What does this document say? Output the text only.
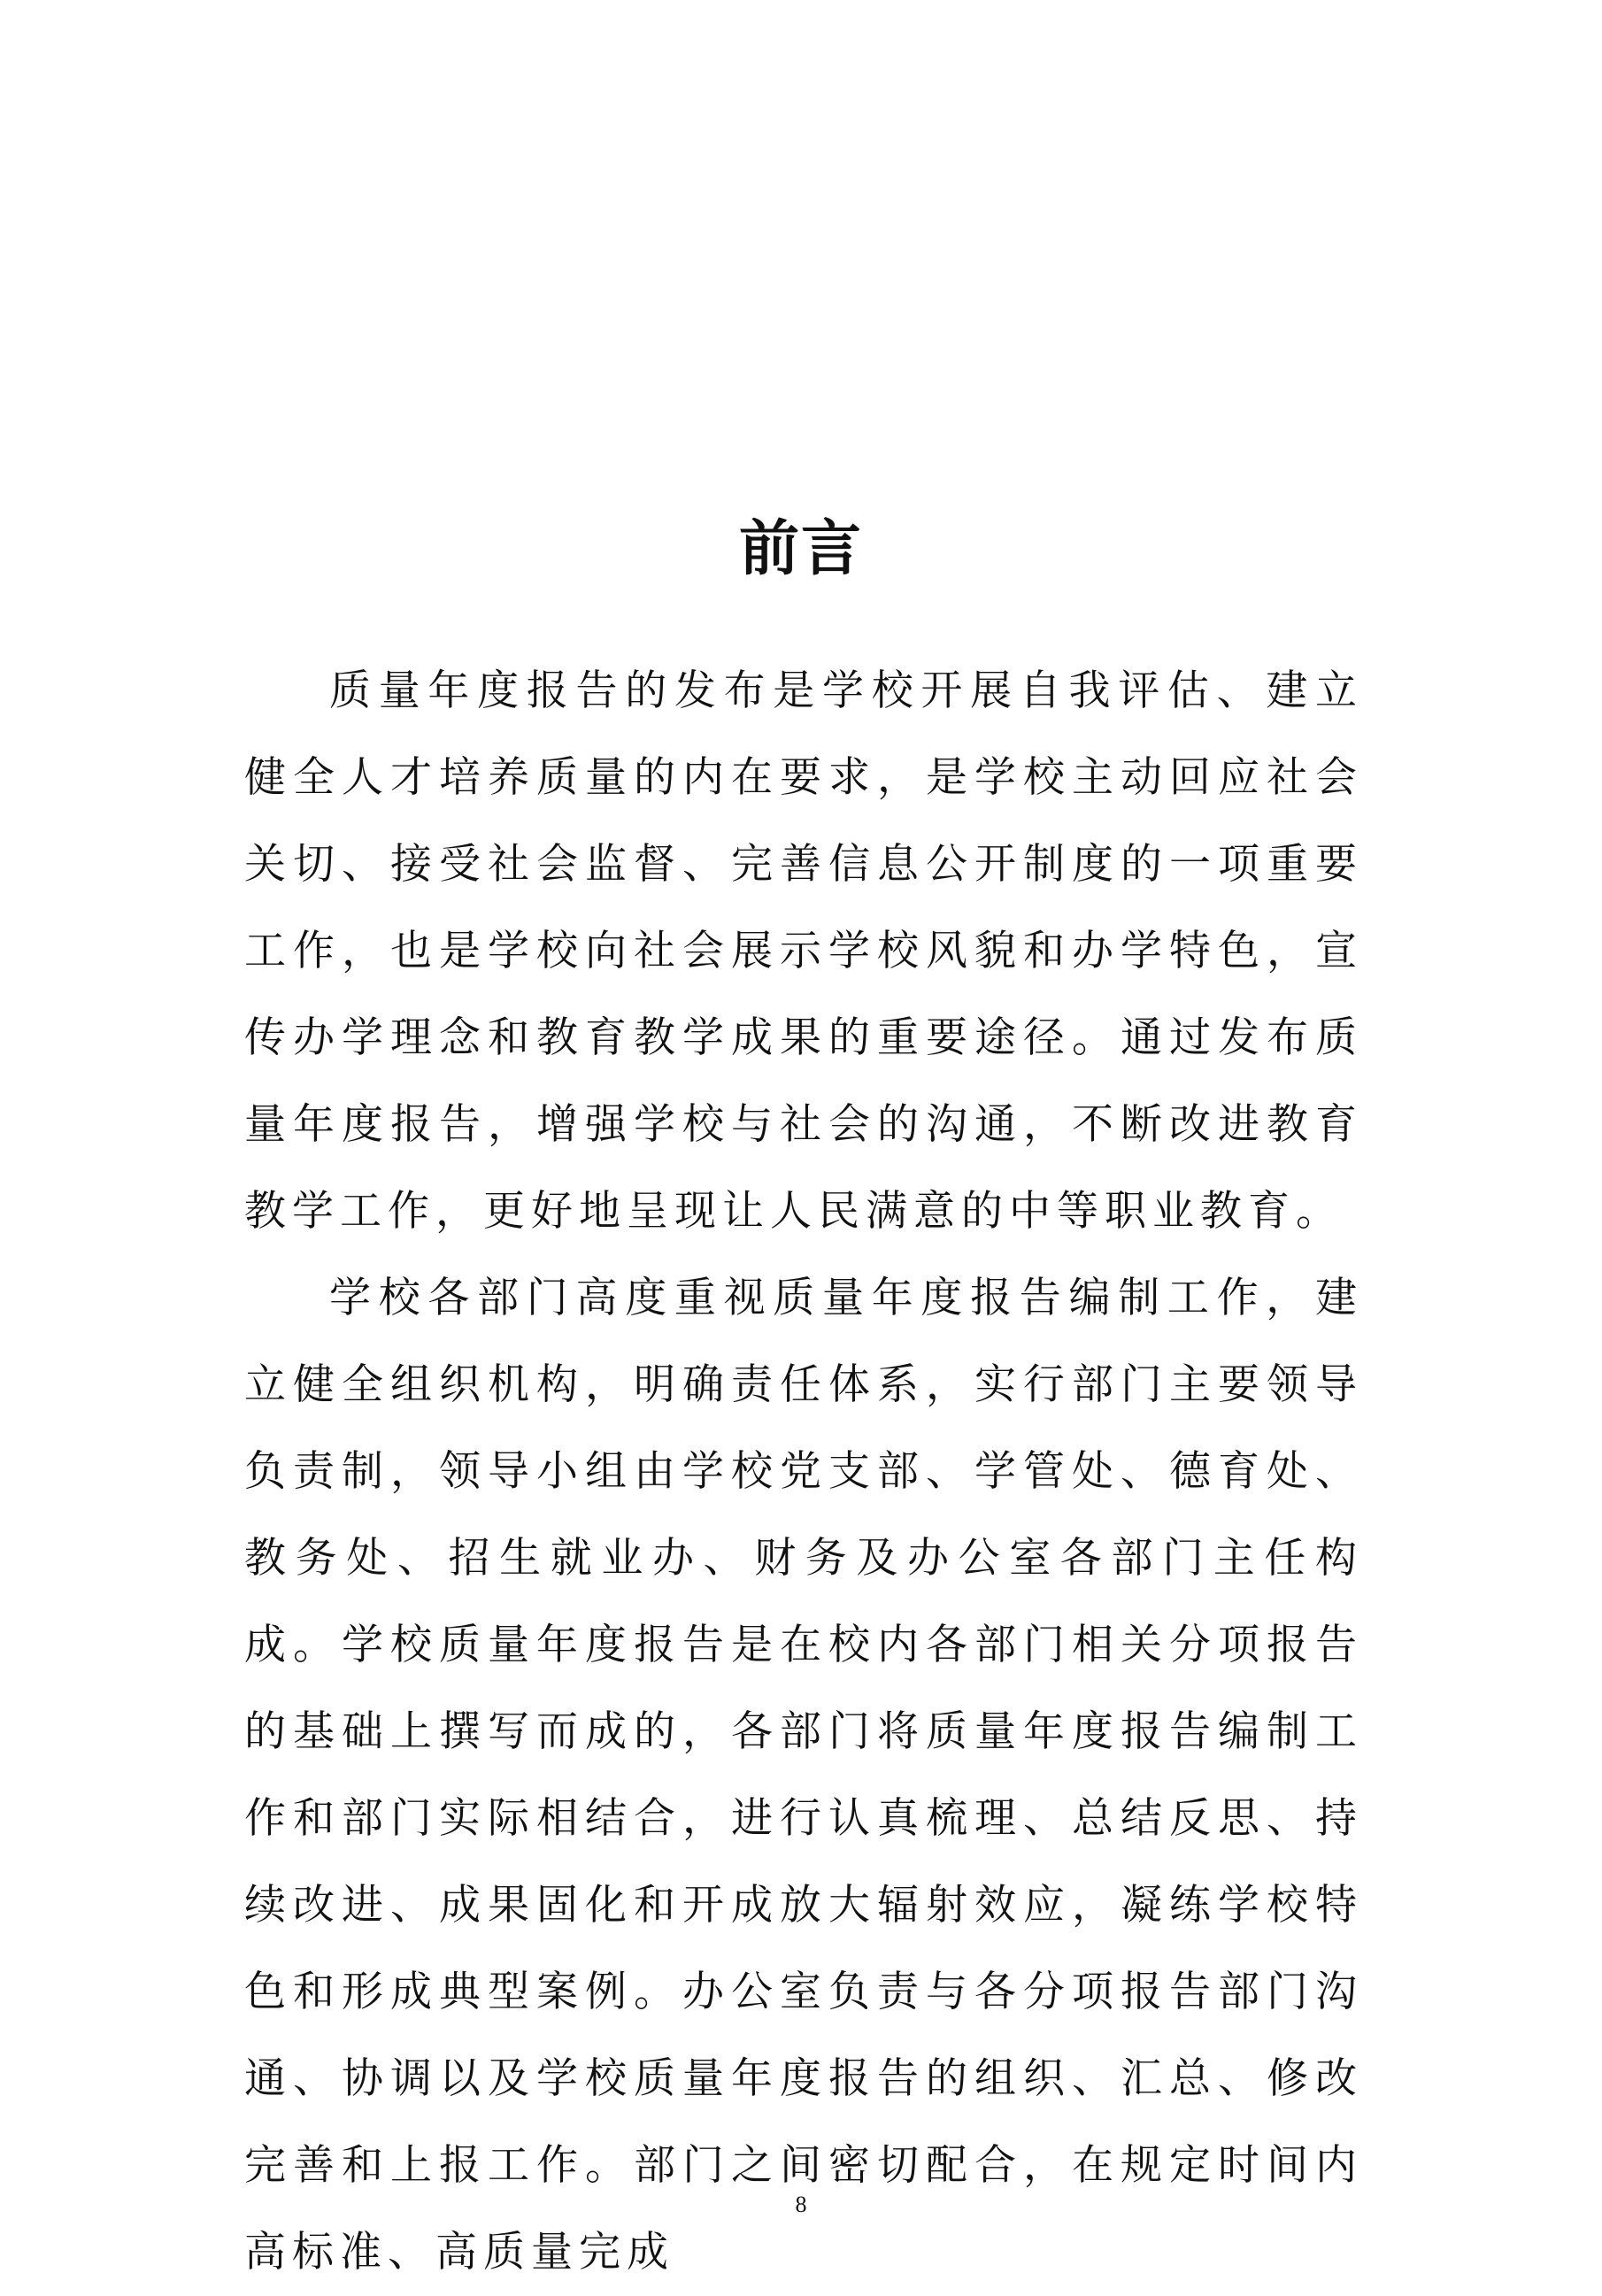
前言

质量年度报告的发布是学校开展自我评估、建立健全人才培养质量的内在要求，是学校主动回应社会关切、接受社会监督、完善信息公开制度的一项重要工作，也是学校向社会展示学校风貌和办学特色，宣传办学理念和教育教学成果的重要途径。通过发布质量年度报告，增强学校与社会的沟通，不断改进教育教学工作，更好地呈现让人民满意的中等职业教育。

学校各部门高度重视质量年度报告编制工作，建立健全组织机构，明确责任体系，实行部门主要领导负责制，领导小组由学校党支部、学管处、德育处、教务处、招生就业办、财务及办公室各部门主任构成。学校质量年度报告是在校内各部门相关分项报告的基础上撰写而成的，各部门将质量年度报告编制工作和部门实际相结合，进行认真梳理、总结反思、持续改进、成果固化和开成放大辐射效应，凝练学校特色和形成典型案例。办公室负责与各分项报告部门沟通、协调以及学校质量年度报告的组织、汇总、修改完善和上报工作。部门之间密切配合，在规定时间内高标准、高质量完成

8
